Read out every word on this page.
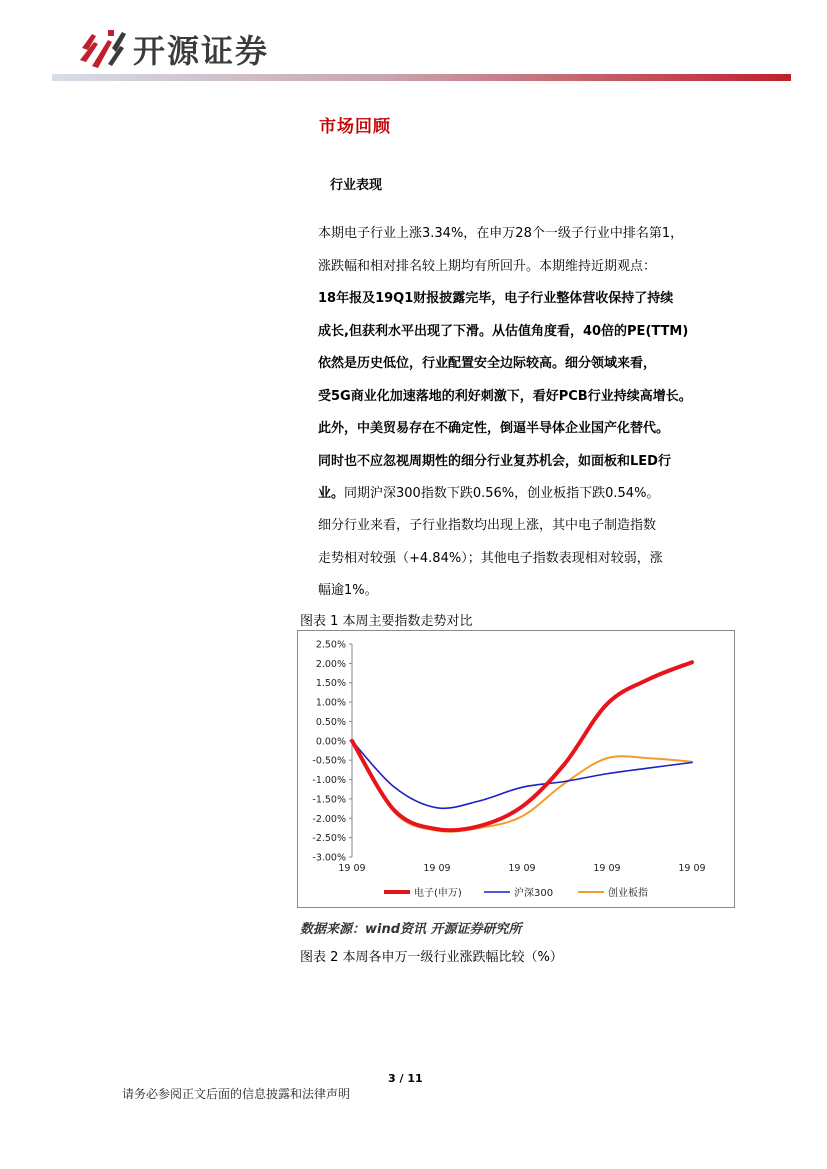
开源证券
市场回顾
行业表现
本期电子行业上涨3.34%，在申万28个一级子行业中排名第1，
涨跌幅和相对排名较上期均有所回升。本期维持近期观点：
18年报及19Q1财报披露完毕，电子行业整体营收保持了持续
成长,但获利水平出现了下滑。从估值角度看，40倍的PE(TTM)
依然是历史低位，行业配置安全边际较高。细分领域来看，
受5G商业化加速落地的利好刺激下，看好PCB行业持续高增长。
此外，中美贸易存在不确定性，倒逼半导体企业国产化替代。
同时也不应忽视周期性的细分行业复苏机会，如面板和LED行
业。同期沪深300指数下跌0.56%，创业板指下跌0.54%。
细分行业来看，子行业指数均出现上涨，其中电子制造指数
走势相对较强（+4.84%）；其他电子指数表现相对较弱，涨
幅逾1%。
图表 1 本周主要指数走势对比
2.50%
2.00%
1.50%
1.00%
0.50%
0.00%
-0.50%
-1.00%
-1.50%
-2.00%
-2.50%
-3.00%
19 09	19 09	19 09	19 09	19 09
电子(申万)	沪深300	创业板指
数据来源：wind资讯 开源证券研究所
图表 2 本周各申万一级行业涨跌幅比较（%）
3 / 11
请务必参阅正文后面的信息披露和法律声明
